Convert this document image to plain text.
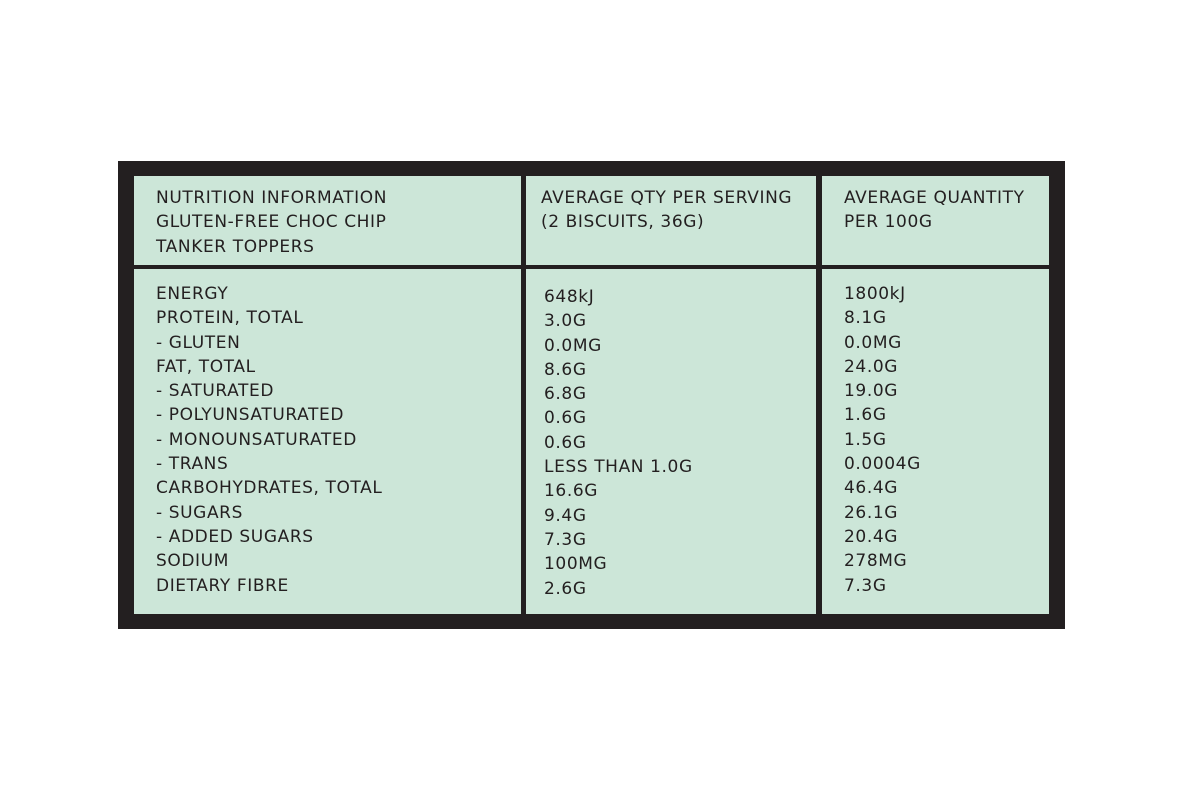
NUTRITION INFORMATION
GLUTEN-FREE CHOC CHIP
TANKER TOPPERS
AVERAGE QTY PER SERVING
(2 BISCUITS, 36G)
AVERAGE QUANTITY
PER 100G
ENERGY
PROTEIN, TOTAL
- GLUTEN
FAT, TOTAL
- SATURATED
- POLYUNSATURATED
- MONOUNSATURATED
- TRANS
CARBOHYDRATES, TOTAL
- SUGARS
- ADDED SUGARS
SODIUM
DIETARY FIBRE
648kJ
3.0G
0.0MG
8.6G
6.8G
0.6G
0.6G
LESS THAN 1.0G
16.6G
9.4G
7.3G
100MG
2.6G
1800kJ
8.1G
0.0MG
24.0G
19.0G
1.6G
1.5G
0.0004G
46.4G
26.1G
20.4G
278MG
7.3G
